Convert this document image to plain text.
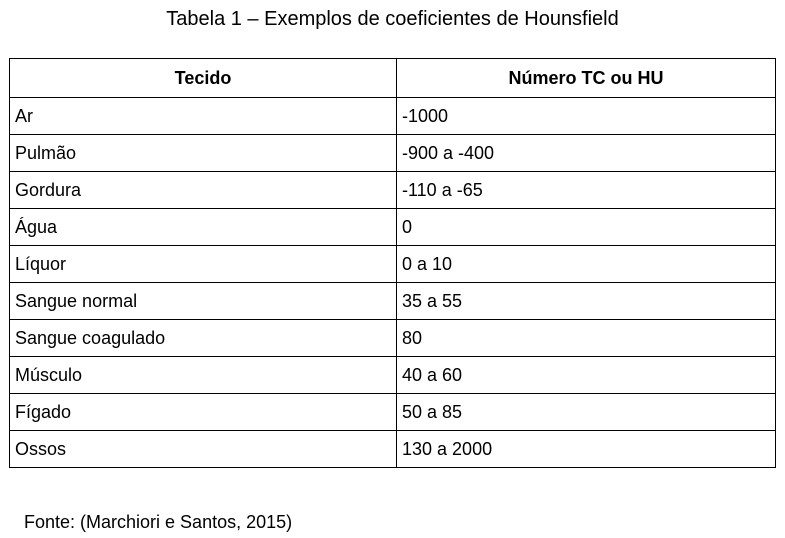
Tabela 1 – Exemplos de coeficientes de Hounsfield
Tecido	Número TC ou HU
Ar	-1000
Pulmão	-900 a -400
Gordura	-110 a -65
Água	0
Líquor	0 a 10
Sangue normal	35 a 55
Sangue coagulado	80
Músculo	40 a 60
Fígado	50 a 85
Ossos	130 a 2000
Fonte: (Marchiori e Santos, 2015)
